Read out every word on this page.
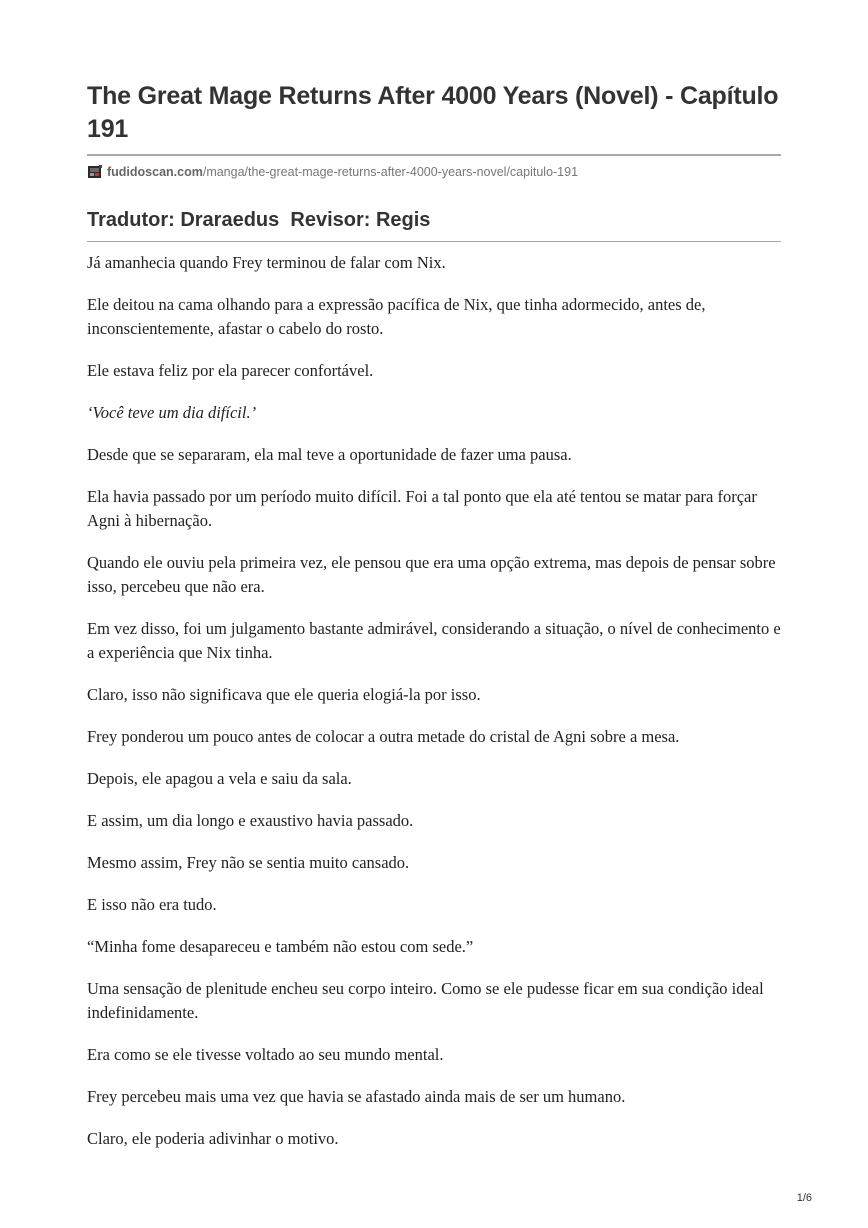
The Great Mage Returns After 4000 Years (Novel) - Capítulo 191
fudidoscan.com /manga/the-great-mage-returns-after-4000-years-novel/capitulo-191
Tradutor: Draraedus  Revisor: Regis

Já amanhecia quando Frey terminou de falar com Nix.

Ele deitou na cama olhando para a expressão pacífica de Nix, que tinha adormecido, antes de, inconscientemente, afastar o cabelo do rosto.

Ele estava feliz por ela parecer confortável.

‘Você teve um dia difícil.’

Desde que se separaram, ela mal teve a oportunidade de fazer uma pausa.

Ela havia passado por um período muito difícil. Foi a tal ponto que ela até tentou se matar para forçar Agni à hibernação.

Quando ele ouviu pela primeira vez, ele pensou que era uma opção extrema, mas depois de pensar sobre isso, percebeu que não era.

Em vez disso, foi um julgamento bastante admirável, considerando a situação, o nível de conhecimento e a experiência que Nix tinha.

Claro, isso não significava que ele queria elogiá-la por isso.

Frey ponderou um pouco antes de colocar a outra metade do cristal de Agni sobre a mesa.

Depois, ele apagou a vela e saiu da sala.

E assim, um dia longo e exaustivo havia passado.

Mesmo assim, Frey não se sentia muito cansado.

E isso não era tudo.

“Minha fome desapareceu e também não estou com sede.”

Uma sensação de plenitude encheu seu corpo inteiro. Como se ele pudesse ficar em sua condição ideal indefinidamente.

Era como se ele tivesse voltado ao seu mundo mental.

Frey percebeu mais uma vez que havia se afastado ainda mais de ser um humano.

Claro, ele poderia adivinhar o motivo.

1/6
